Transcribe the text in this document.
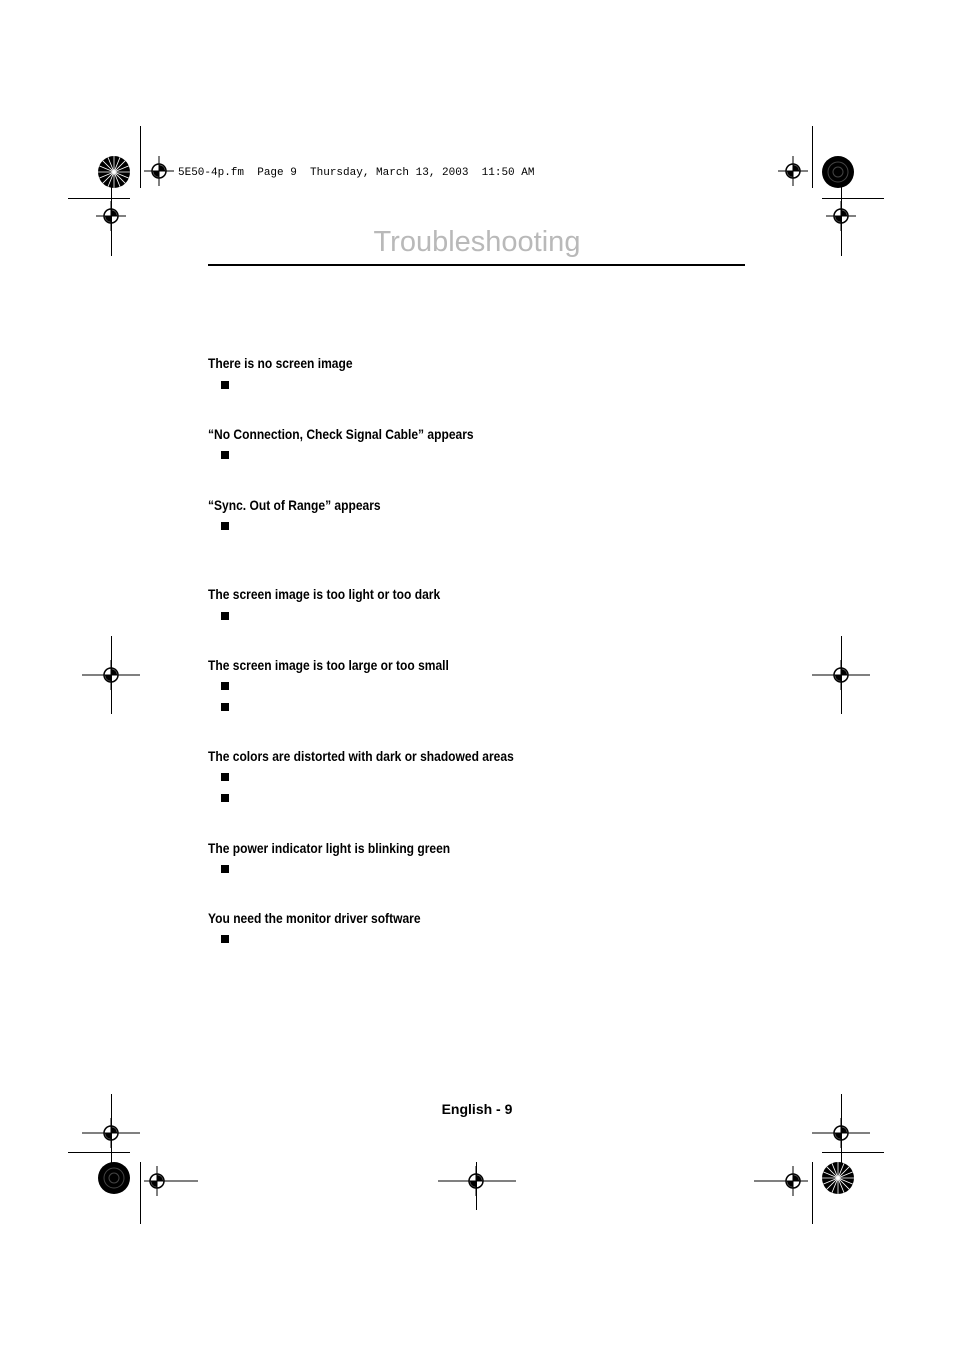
5E50-4p.fm  Page 9  Thursday, March 13, 2003  11:50 AM
Troubleshooting
There is no screen image
“No Connection, Check Signal Cable” appears
“Sync. Out of Range” appears
The screen image is too light or too dark
The screen image is too large or too small
The colors are distorted with dark or shadowed areas
The power indicator light is blinking green
You need the monitor driver software
English - 9
